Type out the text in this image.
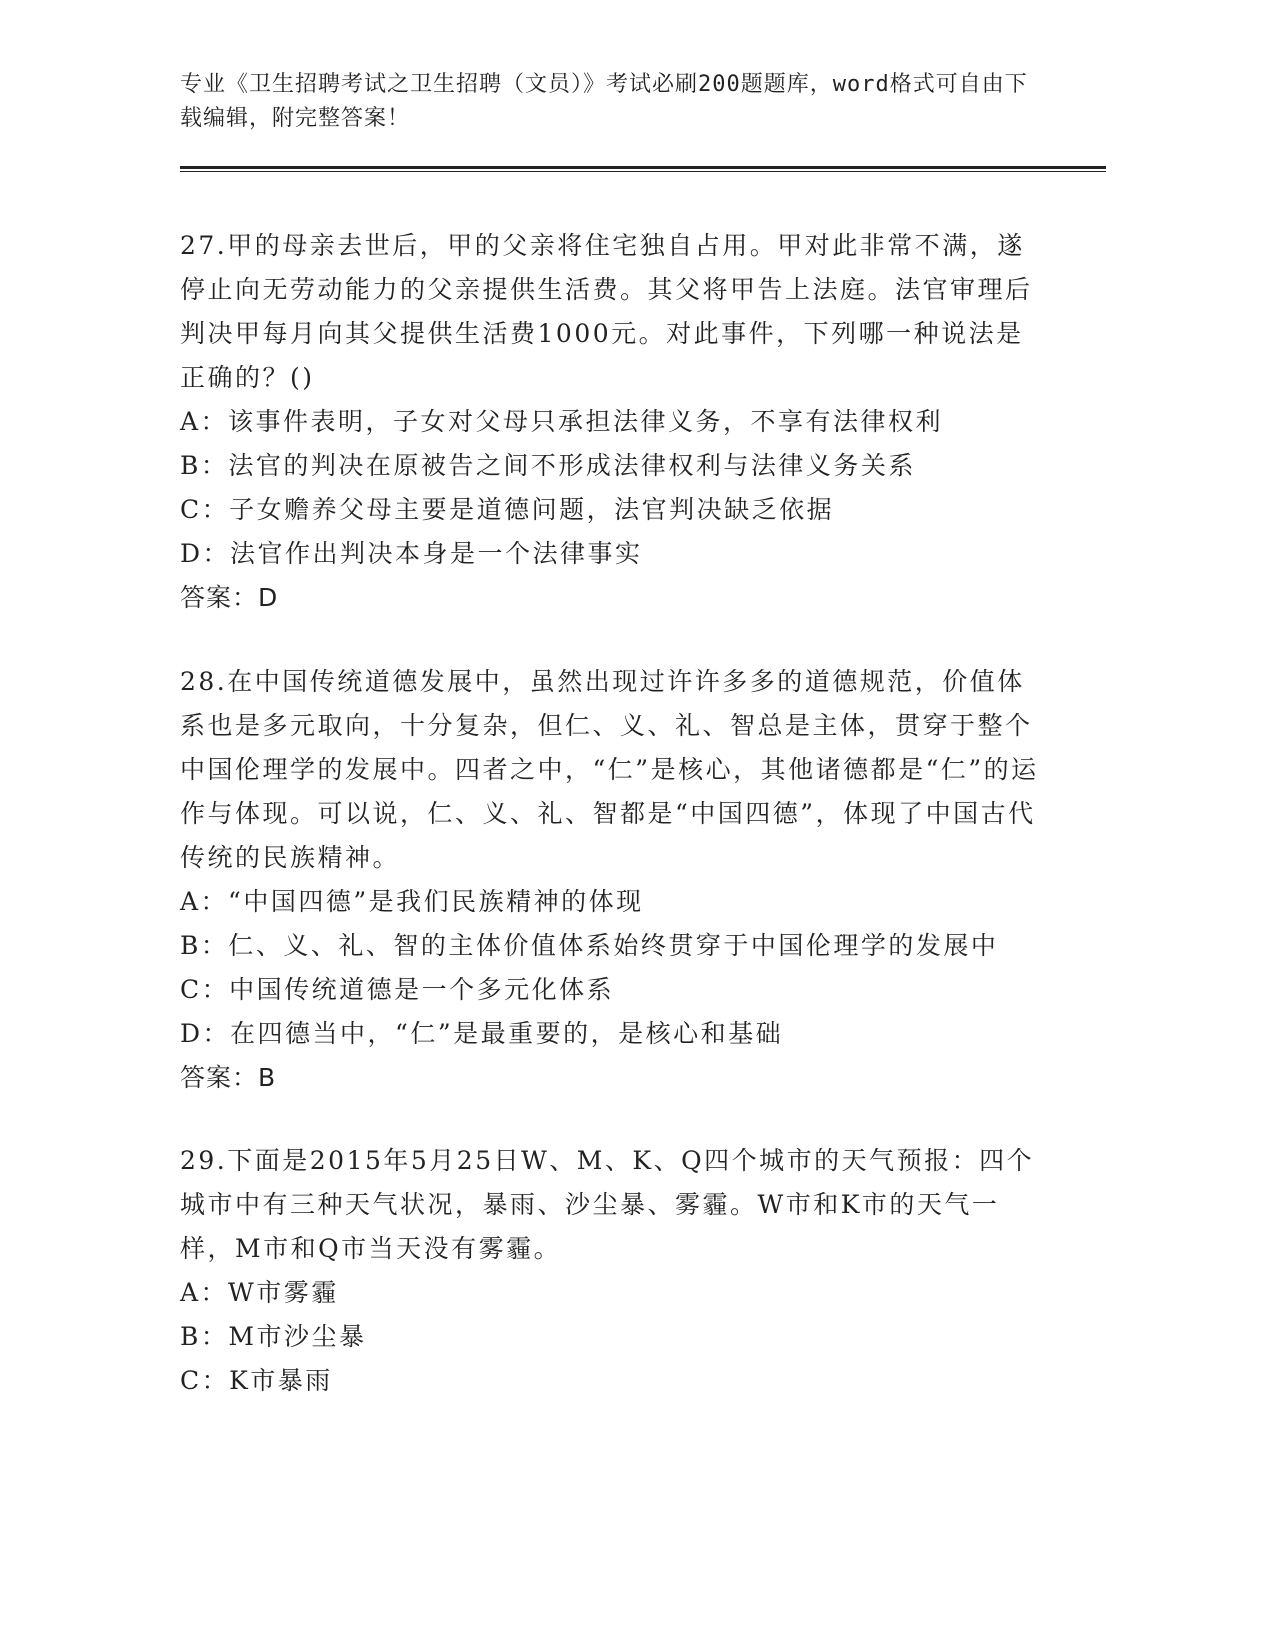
专业《卫生招聘考试之卫生招聘（文员）》考试必刷200题题库，word格式可自由下载编辑，附完整答案！

27.甲的母亲去世后，甲的父亲将住宅独自占用。甲对此非常不满，遂停止向无劳动能力的父亲提供生活费。其父将甲告上法庭。法官审理后判决甲每月向其父提供生活费1000元。对此事件，下列哪一种说法是正确的？()

A：该事件表明，子女对父母只承担法律义务，不享有法律权利

B：法官的判决在原被告之间不形成法律权利与法律义务关系

C：子女赡养父母主要是道德问题，法官判决缺乏依据

D：法官作出判决本身是一个法律事实

答案：D

28.在中国传统道德发展中，虽然出现过许许多多的道德规范，价值体系也是多元取向，十分复杂，但仁、义、礼、智总是主体，贯穿于整个中国伦理学的发展中。四者之中，“仁”是核心，其他诸德都是“仁”的运作与体现。可以说，仁、义、礼、智都是“中国四德”，体现了中国古代传统的民族精神。

A：“中国四德”是我们民族精神的体现

B：仁、义、礼、智的主体价值体系始终贯穿于中国伦理学的发展中

C：中国传统道德是一个多元化体系

D：在四德当中，“仁”是最重要的，是核心和基础

答案：B

29.下面是2015年5月25日W、M、K、Q四个城市的天气预报：四个城市中有三种天气状况，暴雨、沙尘暴、雾霾。W市和K市的天气一样，M市和Q市当天没有雾霾。

A：W市雾霾

B：M市沙尘暴

C：K市暴雨
